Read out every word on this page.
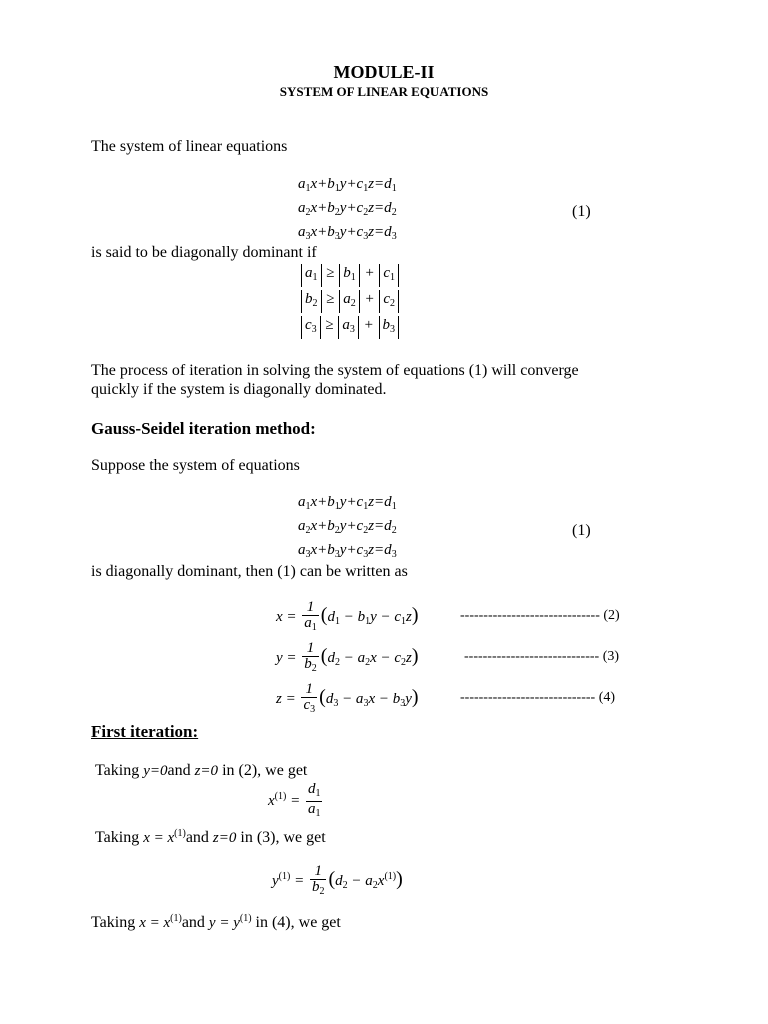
MODULE-II
SYSTEM OF LINEAR EQUATIONS
The system of linear equations
$a_1x+b_1y+c_1z=d_1$
$a_2x+b_2y+c_2z=d_2$
$a_3x+b_3y+c_3z=d_3$
(1)
is said to be diagonally dominant if
$a_1 \ge b_1 + c_1$
$b_2 \ge a_2 + c_2$
$c_3 \ge a_3 + b_3$
The process of iteration in solving the system of equations (1) will converge
quickly if the system is diagonally dominated.
Gauss-Seidel iteration method:
Suppose the system of equations
$a_1x+b_1y+c_1z=d_1$
$a_2x+b_2y+c_2z=d_2$
$a_3x+b_3y+c_3z=d_3$
(1)
is diagonally dominant, then (1) can be written as
$x = \frac{1}{a_1} (d_1 - b_1y - c_1z)$	------------------------------ (2)
$y = \frac{1}{b_2} (d_2 - a_2x - c_2z)$	----------------------------- (3)
$z = \frac{1}{c_3} (d_3 - a_3x - b_3y)$	----------------------------- (4)
First iteration:
Taking y=0and z=0 in (2), we get
$x^{(1)} = \frac{d_1}{a_1}$
Taking $x = x^{(1)}and$ z=0 in (3), we get
$y^{(1)} = \frac{1}{b_2} (d_2 - a_2x^{(1)})$
Taking $x = x^{(1)}and$ $y = y^{(1)}$ in (4), we get
